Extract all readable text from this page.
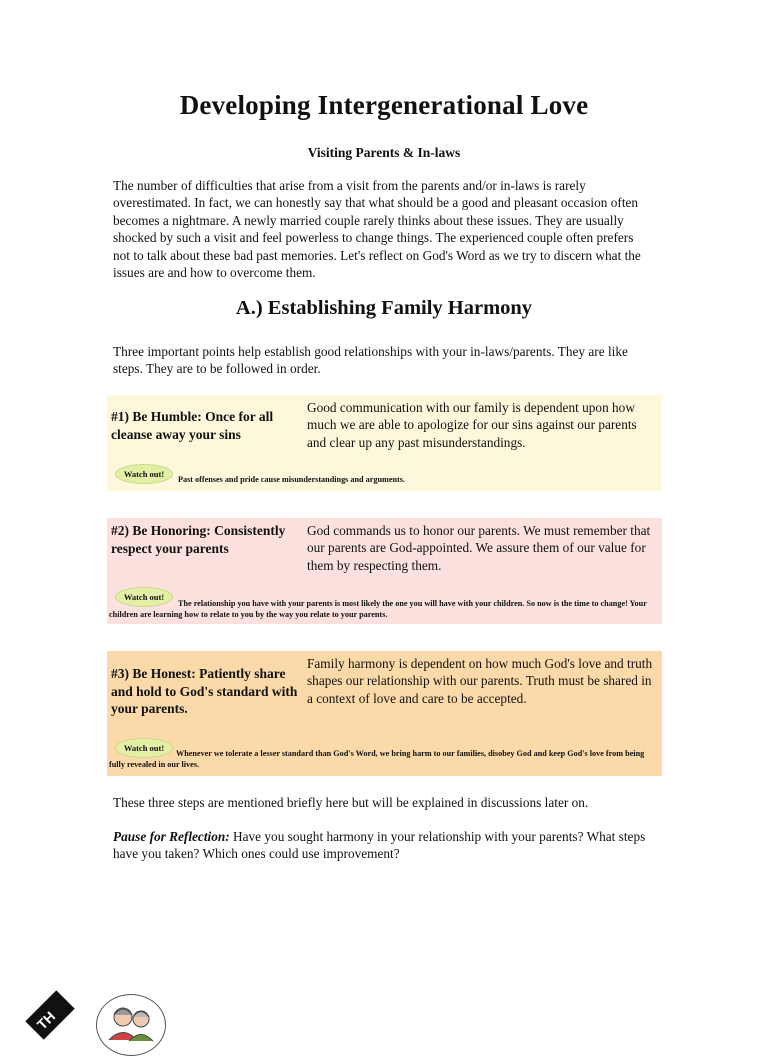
Developing Intergenerational Love
Visiting Parents & In-laws
The number of difficulties that arise from a visit from the parents and/or in-laws is rarely overestimated. In fact, we can honestly say that what should be a good and pleasant occasion often becomes a nightmare. A newly married couple rarely thinks about these issues. They are usually shocked by such a visit and feel powerless to change things. The experienced couple often prefers not to talk about these bad past memories. Let's reflect on God's Word as we try to discern what the issues are and how to overcome them.
A.) Establishing Family Harmony
Three important points help establish good relationships with your in-laws/parents. They are like steps. They are to be followed in order.
#1) Be Humble: Once for all cleanse away your sins
Good communication with our family is dependent upon how much we are able to apologize for our sins against our parents and clear up any past misunderstandings.
Watch out!
Past offenses and pride cause misunderstandings and arguments.
#2) Be Honoring: Consistently respect your parents
God commands us to honor our parents. We must remember that our parents are God-appointed. We assure them of our value for them by respecting them.
Watch out!
The relationship you have with your parents is most likely the one you will have with your children. So now is the time to change! Your children are learning how to relate to you by the way you relate to your parents.
#3) Be Honest: Patiently share and hold to God's standard with your parents.
Family harmony is dependent on how much God's love and truth shapes our relationship with our parents. Truth must be shared in a context of love and care to be accepted.
Watch out!
Whenever we tolerate a lesser standard than God's Word, we bring harm to our families, disobey God and keep God's love from being fully revealed in our lives.
These three steps are mentioned briefly here but will be explained in discussions later on.
Pause for Reflection: Have you sought harmony in your relationship with your parents? What steps have you taken? Which ones could use improvement?
TH
